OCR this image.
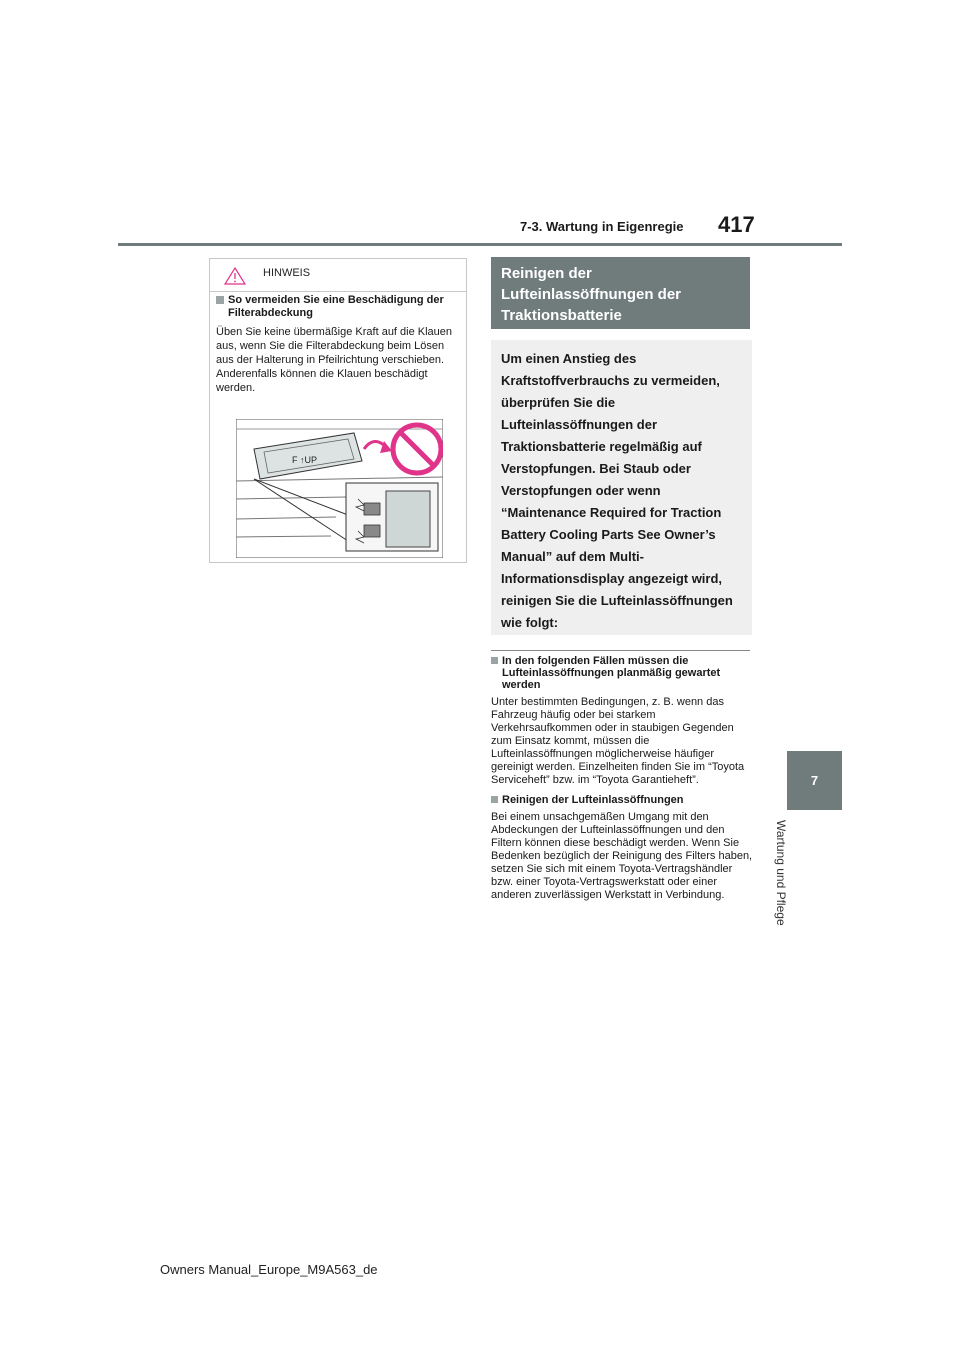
7-3. Wartung in Eigenregie 417
7
Wartung und Pflege
HINWEIS
So vermeiden Sie eine Beschädigung der Filterabdeckung
Üben Sie keine übermäßige Kraft auf die Klauen aus, wenn Sie die Filterabdeckung beim Lösen aus der Halterung in Pfeilrichtung verschieben. Anderenfalls können die Klauen beschädigt werden.
F ↑UP
Reinigen der Lufteinlassöffnungen der Traktionsbatterie
Um einen Anstieg des Kraftstoffverbrauchs zu vermeiden, überprüfen Sie die Lufteinlassöffnungen der Traktionsbatterie regelmäßig auf Verstopfungen. Bei Staub oder Verstopfungen oder wenn “Maintenance Required for Traction Battery Cooling Parts See Owner’s Manual” auf dem Multi-Informationsdisplay angezeigt wird, reinigen Sie die Lufteinlassöffnungen wie folgt:
In den folgenden Fällen müssen die Lufteinlassöffnungen planmäßig gewartet werden
Unter bestimmten Bedingungen, z. B. wenn das Fahrzeug häufig oder bei starkem Verkehrsaufkommen oder in staubigen Gegenden zum Einsatz kommt, müssen die Lufteinlassöffnungen möglicherweise häufiger gereinigt werden. Einzelheiten finden Sie im “Toyota Serviceheft” bzw. im “Toyota Garantieheft”.
Reinigen der Lufteinlassöffnungen
Bei einem unsachgemäßen Umgang mit den Abdeckungen der Lufteinlassöffnungen und den Filtern können diese beschädigt werden. Wenn Sie Bedenken bezüglich der Reinigung des Filters haben, setzen Sie sich mit einem Toyota-Vertragshändler bzw. einer Toyota-Vertragswerkstatt oder einer anderen zuverlässigen Werkstatt in Verbindung.
Owners Manual_Europe_M9A563_de
